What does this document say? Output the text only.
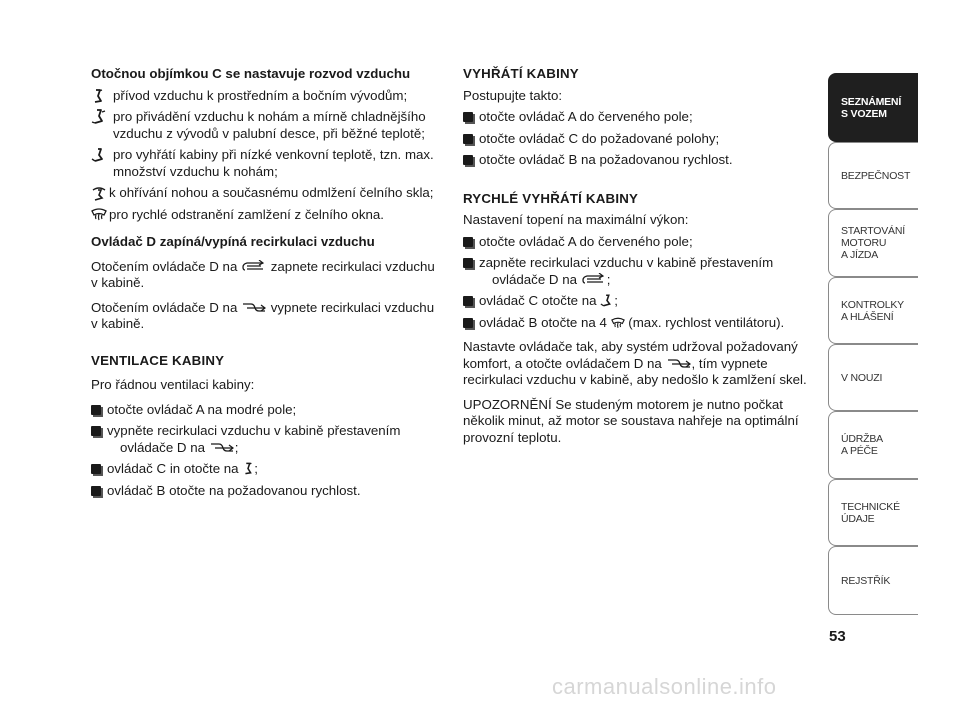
Otočnou objímkou C se nastavuje rozvod vzduchu

přívod vzduchu k prostředním a bočním vývodům;
pro přivádění vzduchu k nohám a mírně chladnějšího vzduchu z vývodů v palubní desce, při běžné teplotě;
pro vyhřátí kabiny při nízké venkovní teplotě, tzn. max. množství vzduchu k nohám;
k ohřívání nohou a současnému odmlžení čelního skla;
pro rychlé odstranění zamlžení z čelního okna.

Ovládač D zapíná/vypíná recirkulaci vzduchu

Otočením ovládače D na	zapnete recirkulaci vzduchu v kabině.

Otočením ovládače D na	vypnete recirkulaci vzduchu v kabině.

VENTILACE KABINY

Pro řádnou ventilaci kabiny:

otočte ovládač A na modré pole;
vypněte recirkulaci vzduchu v kabině přestavením
ovládače D na ;
ovládač C in otočte na ;
ovládač B otočte na požadovanou rychlost.

VYHŘÁTÍ KABINY

Postupujte takto:

otočte ovládač A do červeného pole;
otočte ovládač C do požadované polohy;
otočte ovládač B na požadovanou rychlost.

RYCHLÉ VYHŘÁTÍ KABINY

Nastavení topení na maximální výkon:

otočte ovládač A do červeného pole;
zapněte recirkulaci vzduchu v kabině přestavením
ovládače D na ;
ovládač C otočte na ;
ovládač B otočte na 4 (max. rychlost ventilátoru).

Nastavte ovládače tak, aby systém udržoval požadovaný komfort, a otočte ovládačem D na , tím vypnete recirkulaci vzduchu v kabině, aby nedošlo k zamlžení skel.

UPOZORNĚNÍ Se studeným motorem je nutno počkat několik minut, až motor se soustava nahřeje na optimální provozní teplotu.

SEZNÁMENÍ
S VOZEM
BEZPEČNOST
STARTOVÁNÍ
MOTORU
A JÍZDA
KONTROLKY
A HLÁŠENÍ
V NOUZI
ÚDRŽBA
A PÉČE
TECHNICKÉ
ÚDAJE
REJSTŘÍK
53
carmanualsonline.info
